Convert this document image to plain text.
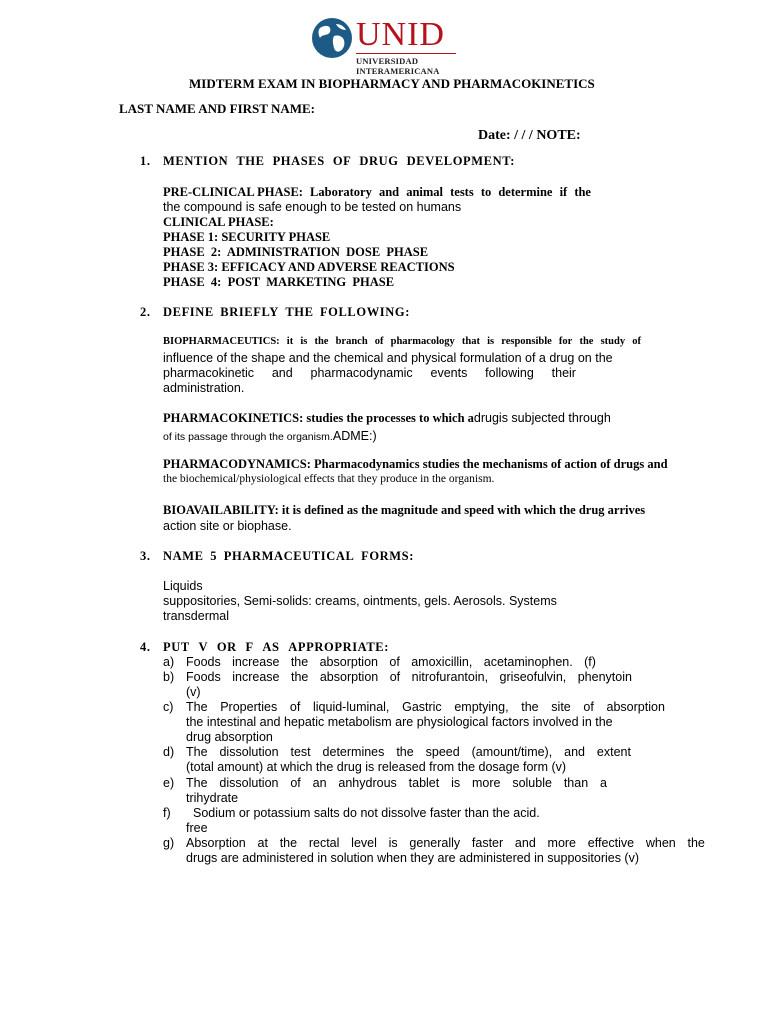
UNID
UNIVERSIDAD INTERAMERICANA
MIDTERM EXAM IN BIOPHARMACY AND PHARMACOKINETICS
LAST NAME AND FIRST NAME:
Date: / / / NOTE:
1. MENTION THE PHASES OF DRUG DEVELOPMENT:
PRE-CLINICAL PHASE: Laboratory and animal tests to determine if the
the compound is safe enough to be tested on humans
CLINICAL PHASE:
PHASE 1: SECURITY PHASE
PHASE  2:  ADMINISTRATION  DOSE  PHASE
PHASE 3: EFFICACY AND ADVERSE REACTIONS
PHASE  4:  POST  MARKETING  PHASE
2. DEFINE BRIEFLY THE FOLLOWING:
BIOPHARMACEUTICS: it is the branch of pharmacology that is responsible for the study of
influence of the shape and the chemical and physical formulation of a drug on the
pharmacokinetic and pharmacodynamic events following their
administration.
PHARMACOKINETICS: studies the processes to which adrugis subjected through
of its passage through the organism.ADME:)
PHARMACODYNAMICS: Pharmacodynamics studies the mechanisms of action of drugs and
the biochemical/physiological effects that they produce in the organism.
BIOAVAILABILITY: it is defined as the magnitude and speed with which the drug arrives
action site or biophase.
3. NAME 5 PHARMACEUTICAL FORMS:
Liquids
suppositories, Semi-solids: creams, ointments, gels. Aerosols. Systems
transdermal
4. PUT V OR F AS APPROPRIATE:
a) Foods increase the absorption of amoxicillin, acetaminophen. (f)
b) Foods increase the absorption of nitrofurantoin, griseofulvin, phenytoin
(v)
c) The Properties of liquid-luminal, Gastric emptying, the site of absorption
the intestinal and hepatic metabolism are physiological factors involved in the
drug absorption
d) The dissolution test determines the speed (amount/time), and extent
(total amount) at which the drug is released from the dosage form (v)
e) The dissolution of an anhydrous tablet is more soluble than a
trihydrate
f) Sodium or potassium salts do not dissolve faster than the acid.
free
g) Absorption at the rectal level is generally faster and more effective when the
drugs are administered in solution when they are administered in suppositories (v)
